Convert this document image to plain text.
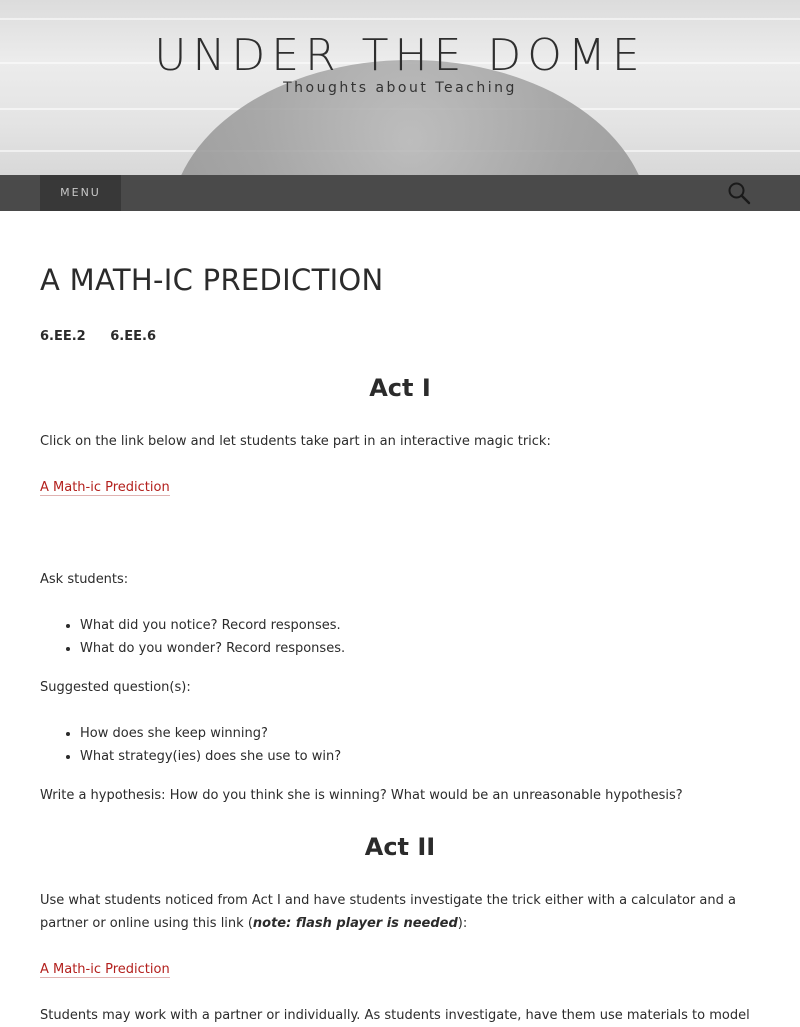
UNDER THE DOME

Thoughts about Teaching

MENU
A MATH-IC PREDICTION
6.EE.2 6.EE.6
Act I

Click on the link below and let students take part in an interactive magic trick:

A Math-ic Prediction

Ask students:

• What did you notice? Record responses.
• What do you wonder? Record responses.

Suggested question(s):

• How does she keep winning?
• What strategy(ies) does she use to win?

Write a hypothesis: How do you think she is winning? What would be an unreasonable hypothesis?

Act II

Use what students noticed from Act I and have students investigate the trick either with a calculator and a partner or online using this link (note: flash player is needed):

A Math-ic Prediction

Students may work with a partner or individually. As students investigate, have them use materials to model
